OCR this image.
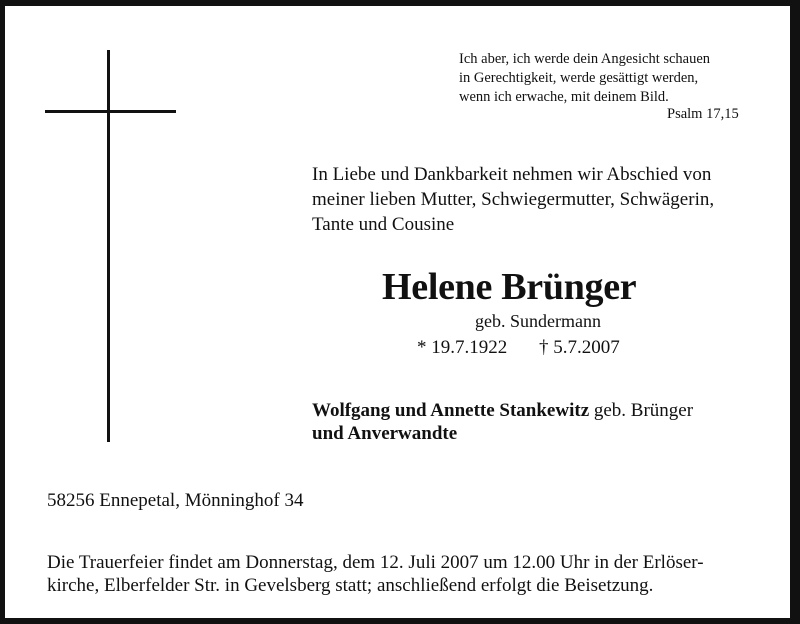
Ich aber, ich werde dein Angesicht schauen
in Gerechtigkeit, werde gesättigt werden,
wenn ich erwache, mit deinem Bild.
Psalm 17,15
In Liebe und Dankbarkeit nehmen wir Abschied von
meiner lieben Mutter, Schwiegermutter, Schwägerin,
Tante und Cousine
Helene Brünger
geb. Sundermann
* 19.7.1922 † 5.7.2007
Wolfgang und Annette Stankewitz geb. Brünger
und Anverwandte
58256 Ennepetal, Mönninghof 34
Die Trauerfeier findet am Donnerstag, dem 12. Juli 2007 um 12.00 Uhr in der Erlöser-
kirche, Elberfelder Str. in Gevelsberg statt; anschließend erfolgt die Beisetzung.
